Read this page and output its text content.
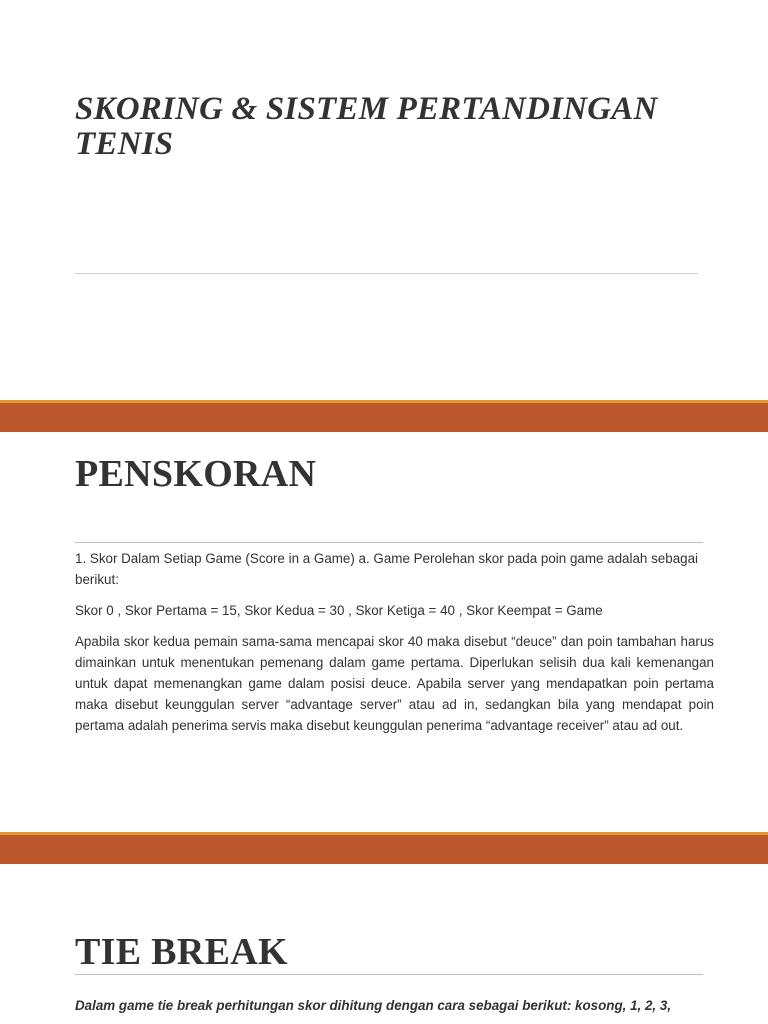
SKORING & SISTEM PERTANDINGAN TENIS
PENSKORAN

1. Skor Dalam Setiap Game (Score in a Game) a. Game Perolehan skor pada poin game adalah sebagai berikut:

Skor 0 , Skor Pertama = 15, Skor Kedua = 30 , Skor Ketiga = 40 , Skor Keempat = Game

Apabila skor kedua pemain sama-sama mencapai skor 40 maka disebut “deuce” dan poin tambahan harus dimainkan untuk menentukan pemenang dalam game pertama. Diperlukan selisih dua kali kemenangan untuk dapat memenangkan game dalam posisi deuce. Apabila server yang mendapatkan poin pertama maka disebut keunggulan server “advantage server” atau ad in, sedangkan bila yang mendapat poin pertama adalah penerima servis maka disebut keunggulan penerima “advantage receiver” atau ad out.

TIE BREAK

Dalam game tie break perhitungan skor dihitung dengan cara sebagai berikut: kosong, 1, 2, 3,
